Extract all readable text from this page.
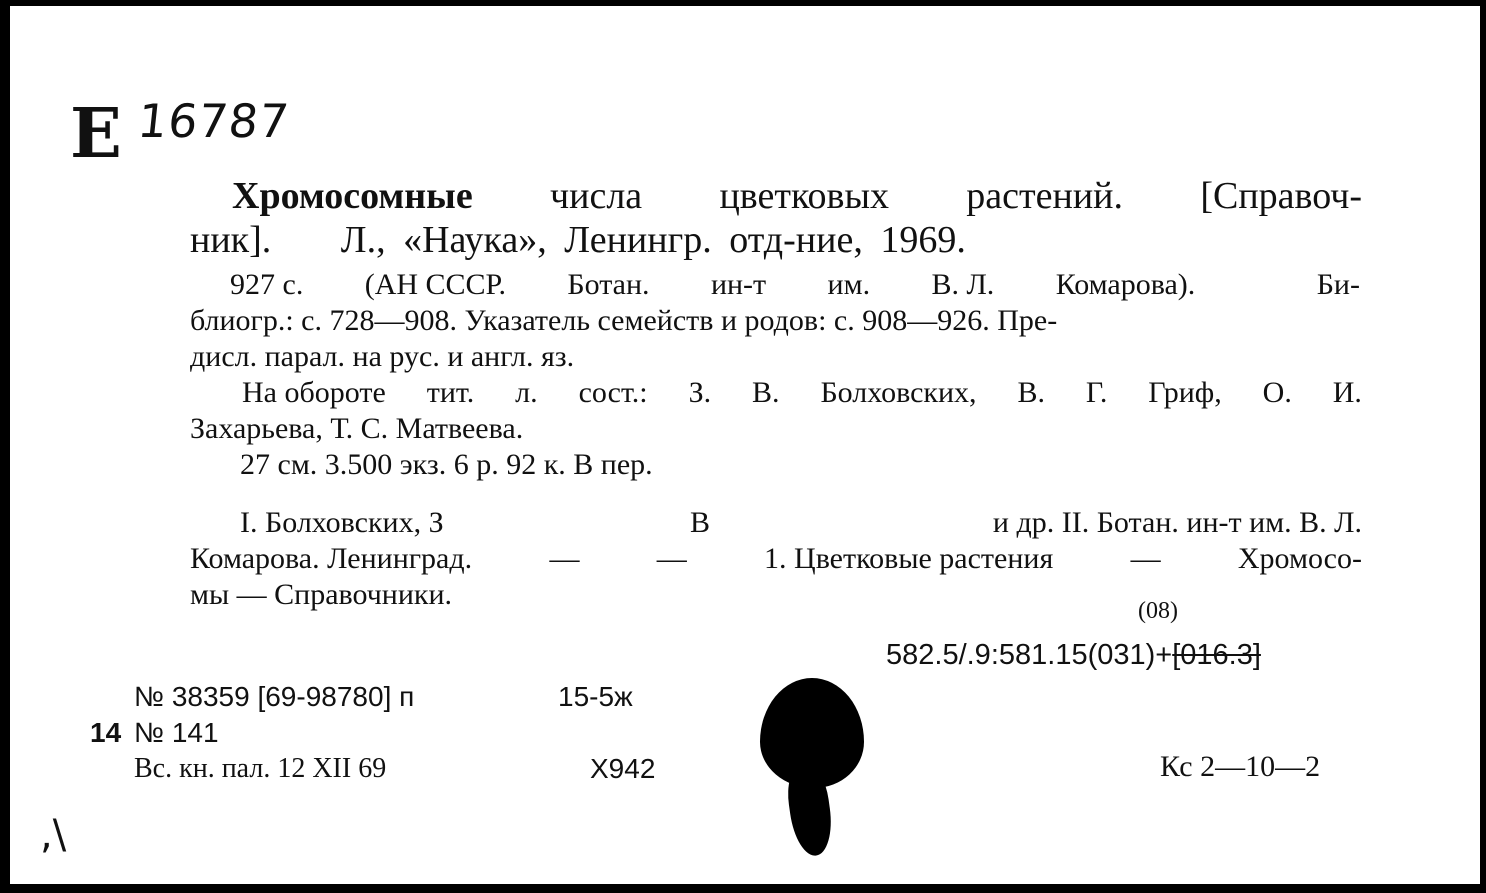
E 16787
Хромосомные числа цветковых растений. [Справоч-
ник]. Л., «Наука», Ленингр. отд-ние, 1969.
927 с. (АН СССР. Ботан. ин-т им. В. Л. Комарова).	Би-
блиогр.: с. 728—908. Указатель семейств и родов: с. 908—926. Пре-
дисл. парал. на рус. и англ. яз.
На обороте тит. л. сост.: З. В. Болховских, В. Г. Гриф, О. И.
Захарьева, Т. С. Матвеева.
27 см. 3.500 экз. 6 р. 92 к. В пер.
I. Болховских, З	В	и др. II. Ботан. ин-т им. В. Л.
Комарова. Ленинград.	—	—	1. Цветковые растения	—	Хромосо-
мы — Справочники.	(08)
582.5/.9:581.15(031)+[016.3]
№ 38359 [69-98780] п	15-5ж
14 № 141
Вс. кн. пал. 12 XII 69	X942	Кс 2—10—2
,\
